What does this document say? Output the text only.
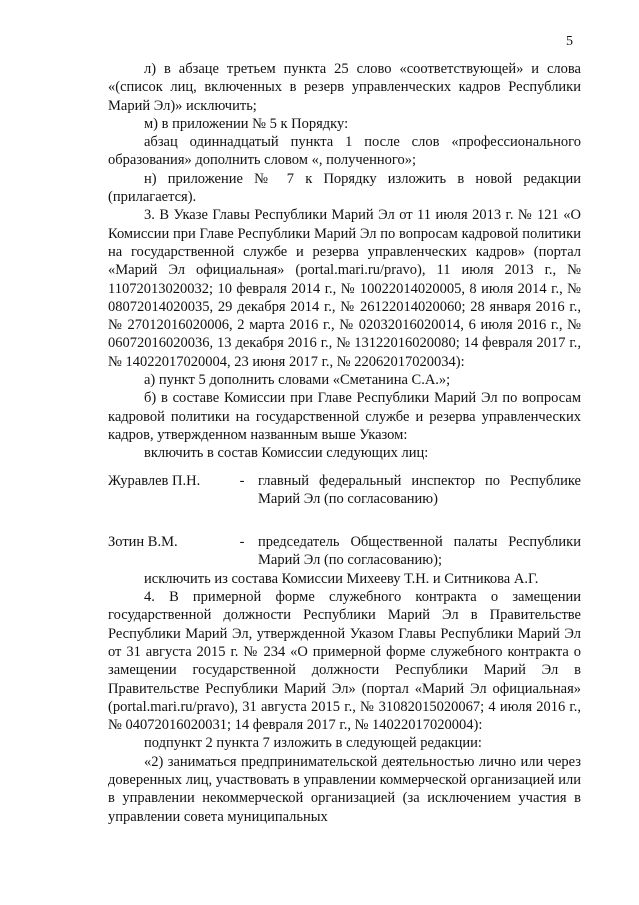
5

л) в абзаце третьем пункта 25 слово «соответствующей» и слова «(список лиц, включенных в резерв управленческих кадров Республики Марий Эл)» исключить;

м) в приложении № 5 к Порядку:

абзац одиннадцатый пункта 1 после слов «профессионального образования» дополнить словом «, полученного»;

н) приложение № 7 к Порядку изложить в новой редакции (прилагается).

3. В Указе Главы Республики Марий Эл от 11 июля 2013 г. № 121 «О Комиссии при Главе Республики Марий Эл по вопросам кадровой политики на государственной службе и резерва управленческих кадров» (портал «Марий Эл официальная» (portal.mari.ru/pravo), 11 июля 2013 г., № 11072013020032; 10 февраля 2014 г., № 10022014020005, 8 июля 2014 г., № 08072014020035, 29 декабря 2014 г., № 26122014020060; 28 января 2016 г., № 27012016020006, 2 марта 2016 г., № 02032016020014, 6 июля 2016 г., № 06072016020036, 13 декабря 2016 г., № 13122016020080; 14 февраля 2017 г., № 14022017020004, 23 июня 2017 г., № 22062017020034):

а) пункт 5 дополнить словами «Сметанина С.А.»;

б) в составе Комиссии при Главе Республики Марий Эл по вопросам кадровой политики на государственной службе и резерва управленческих кадров, утвержденном названным выше Указом:

включить в состав Комиссии следующих лиц:

Журавлев П.Н.	- главный федеральный инспектор по Республике Марий Эл (по согласованию)
Зотин В.М.	- председатель Общественной палаты Республики Марий Эл (по согласованию);

исключить из состава Комиссии Михееву Т.Н. и Ситникова А.Г.

4. В примерной форме служебного контракта о замещении государственной должности Республики Марий Эл в Правительстве Республики Марий Эл, утвержденной Указом Главы Республики Марий Эл от 31 августа 2015 г. № 234 «О примерной форме служебного контракта о замещении государственной должности Республики Марий Эл в Правительстве Республики Марий Эл» (портал «Марий Эл официальная» (portal.mari.ru/pravo), 31 августа 2015 г., № 31082015020067; 4 июля 2016 г., № 04072016020031; 14 февраля 2017 г., № 14022017020004):

подпункт 2 пункта 7 изложить в следующей редакции:

«2) заниматься предпринимательской деятельностью лично или через доверенных лиц, участвовать в управлении коммерческой организацией или в управлении некоммерческой организацией (за исключением участия в управлении совета муниципальных
